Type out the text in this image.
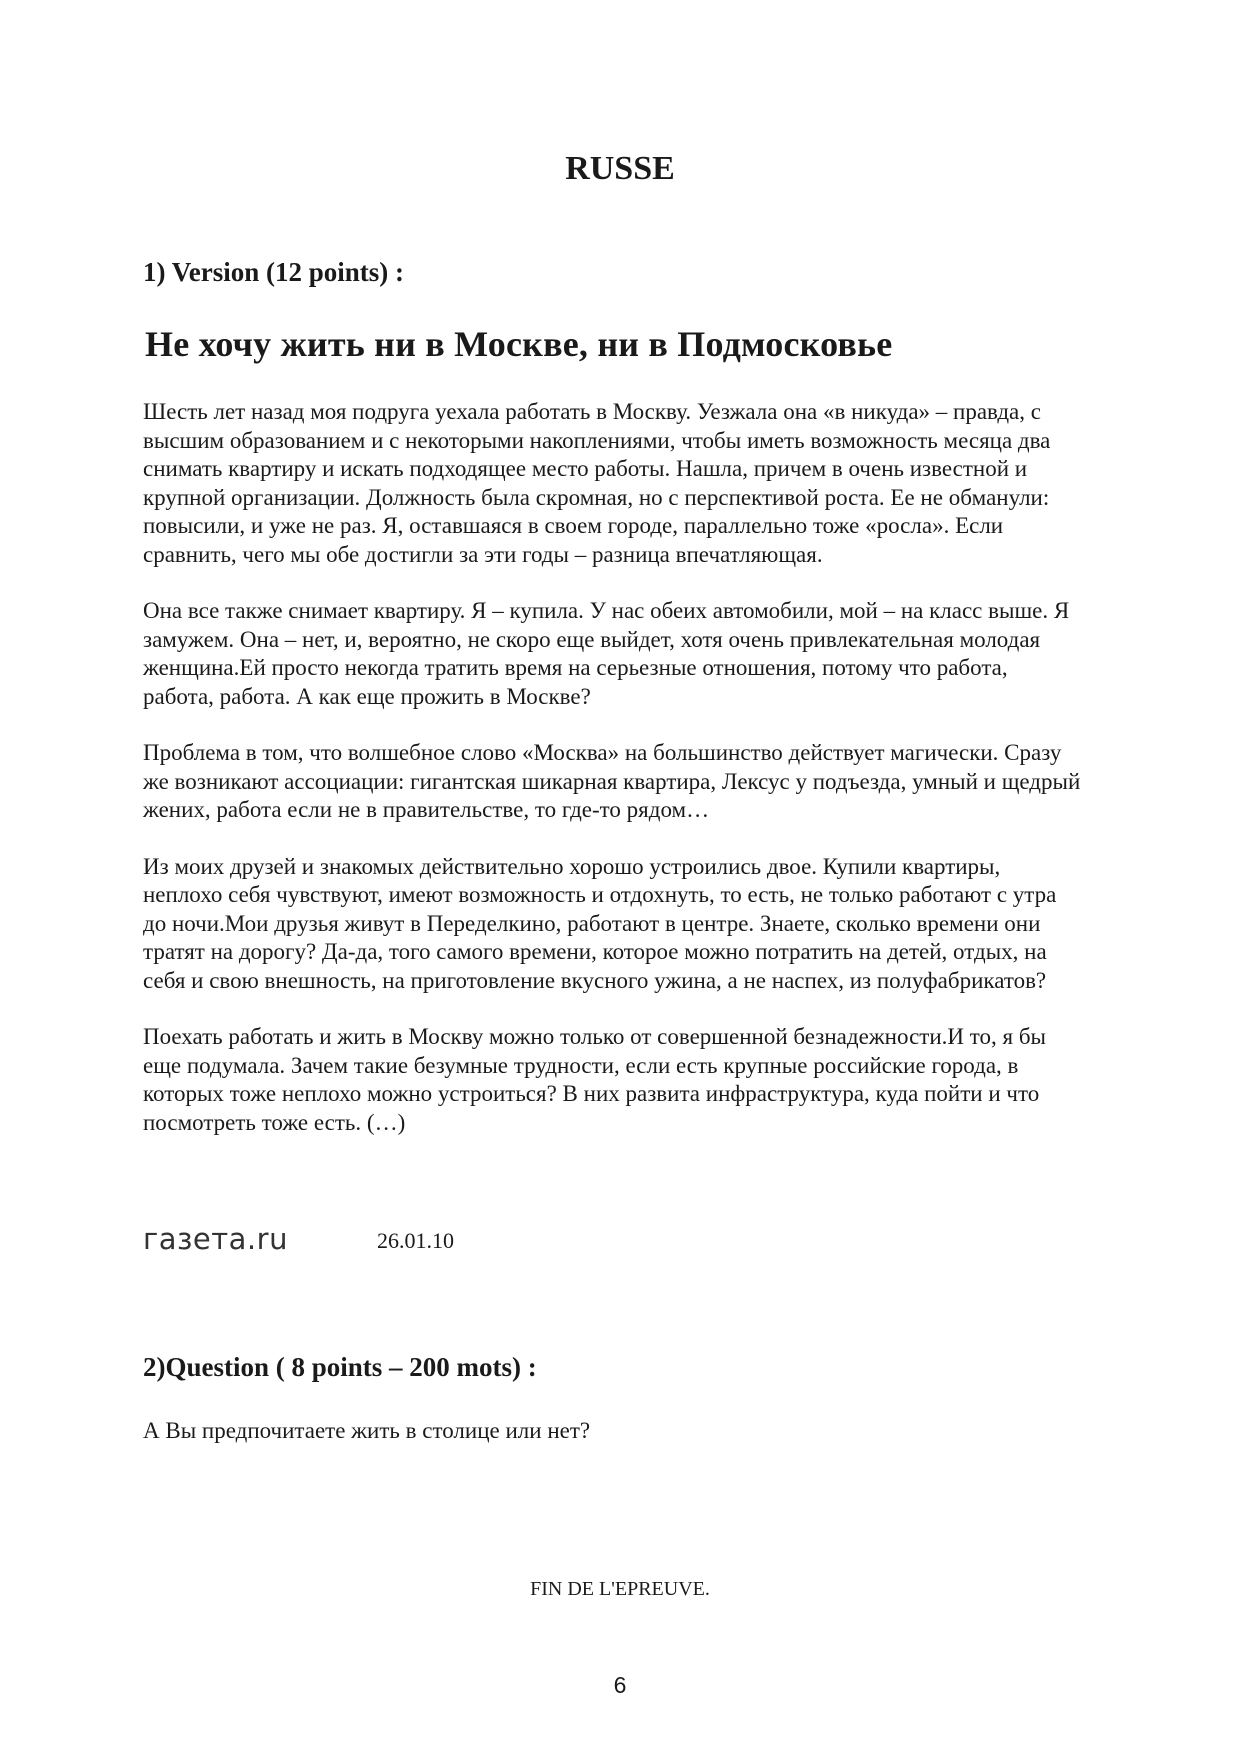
RUSSE
1) Version (12 points) :
Не хочу жить ни в Москве, ни в Подмосковье

Шесть лет назад моя подруга уехала работать в Москву. Уезжала она «в никуда» – правда, с высшим образованием и с некоторыми накоплениями, чтобы иметь возможность месяца два снимать квартиру и искать подходящее место работы. Нашла, причем в очень известной и крупной организации. Должность была скромная, но с перспективой роста. Ее не обманули: повысили, и уже не раз. Я, оставшаяся в своем городе, параллельно тоже «росла». Если сравнить, чего мы обе достигли за эти годы – разница впечатляющая.

Она все также снимает квартиру. Я – купила. У нас обеих автомобили, мой – на класс выше. Я замужем. Она – нет, и, вероятно, не скоро еще выйдет, хотя очень привлекательная молодая женщина.Ей просто некогда тратить время на серьезные отношения, потому что работа, работа, работа. А как еще прожить в Москве?

Проблема в том, что волшебное слово «Москва» на большинство действует магически. Сразу же возникают ассоциации: гигантская шикарная квартира, Лексус у подъезда, умный и щедрый жених, работа если не в правительстве, то где-то рядом…

Из моих друзей и знакомых действительно хорошо устроились двое. Купили квартиры, неплохо себя чувствуют, имеют возможность и отдохнуть, то есть, не только работают с утра до ночи.Мои друзья живут в Переделкино, работают в центре. Знаете, сколько времени они тратят на дорогу? Да-да, того самого времени, которое можно потратить на детей, отдых, на себя и свою внешность, на приготовление вкусного ужина, а не наспех, из полуфабрикатов?

Поехать работать и жить в Москву можно только от совершенной безнадежности.И то, я бы еще подумала. Зачем такие безумные трудности, если есть крупные российские города, в которых тоже неплохо можно устроиться? В них развита инфраструктура, куда пойти и что посмотреть тоже есть. (…)

газета.ru	26.01.10
2)Question ( 8 points – 200 mots) :

А Вы предпочитаете жить в столице или нет?

FIN DE L'EPREUVE.

6
